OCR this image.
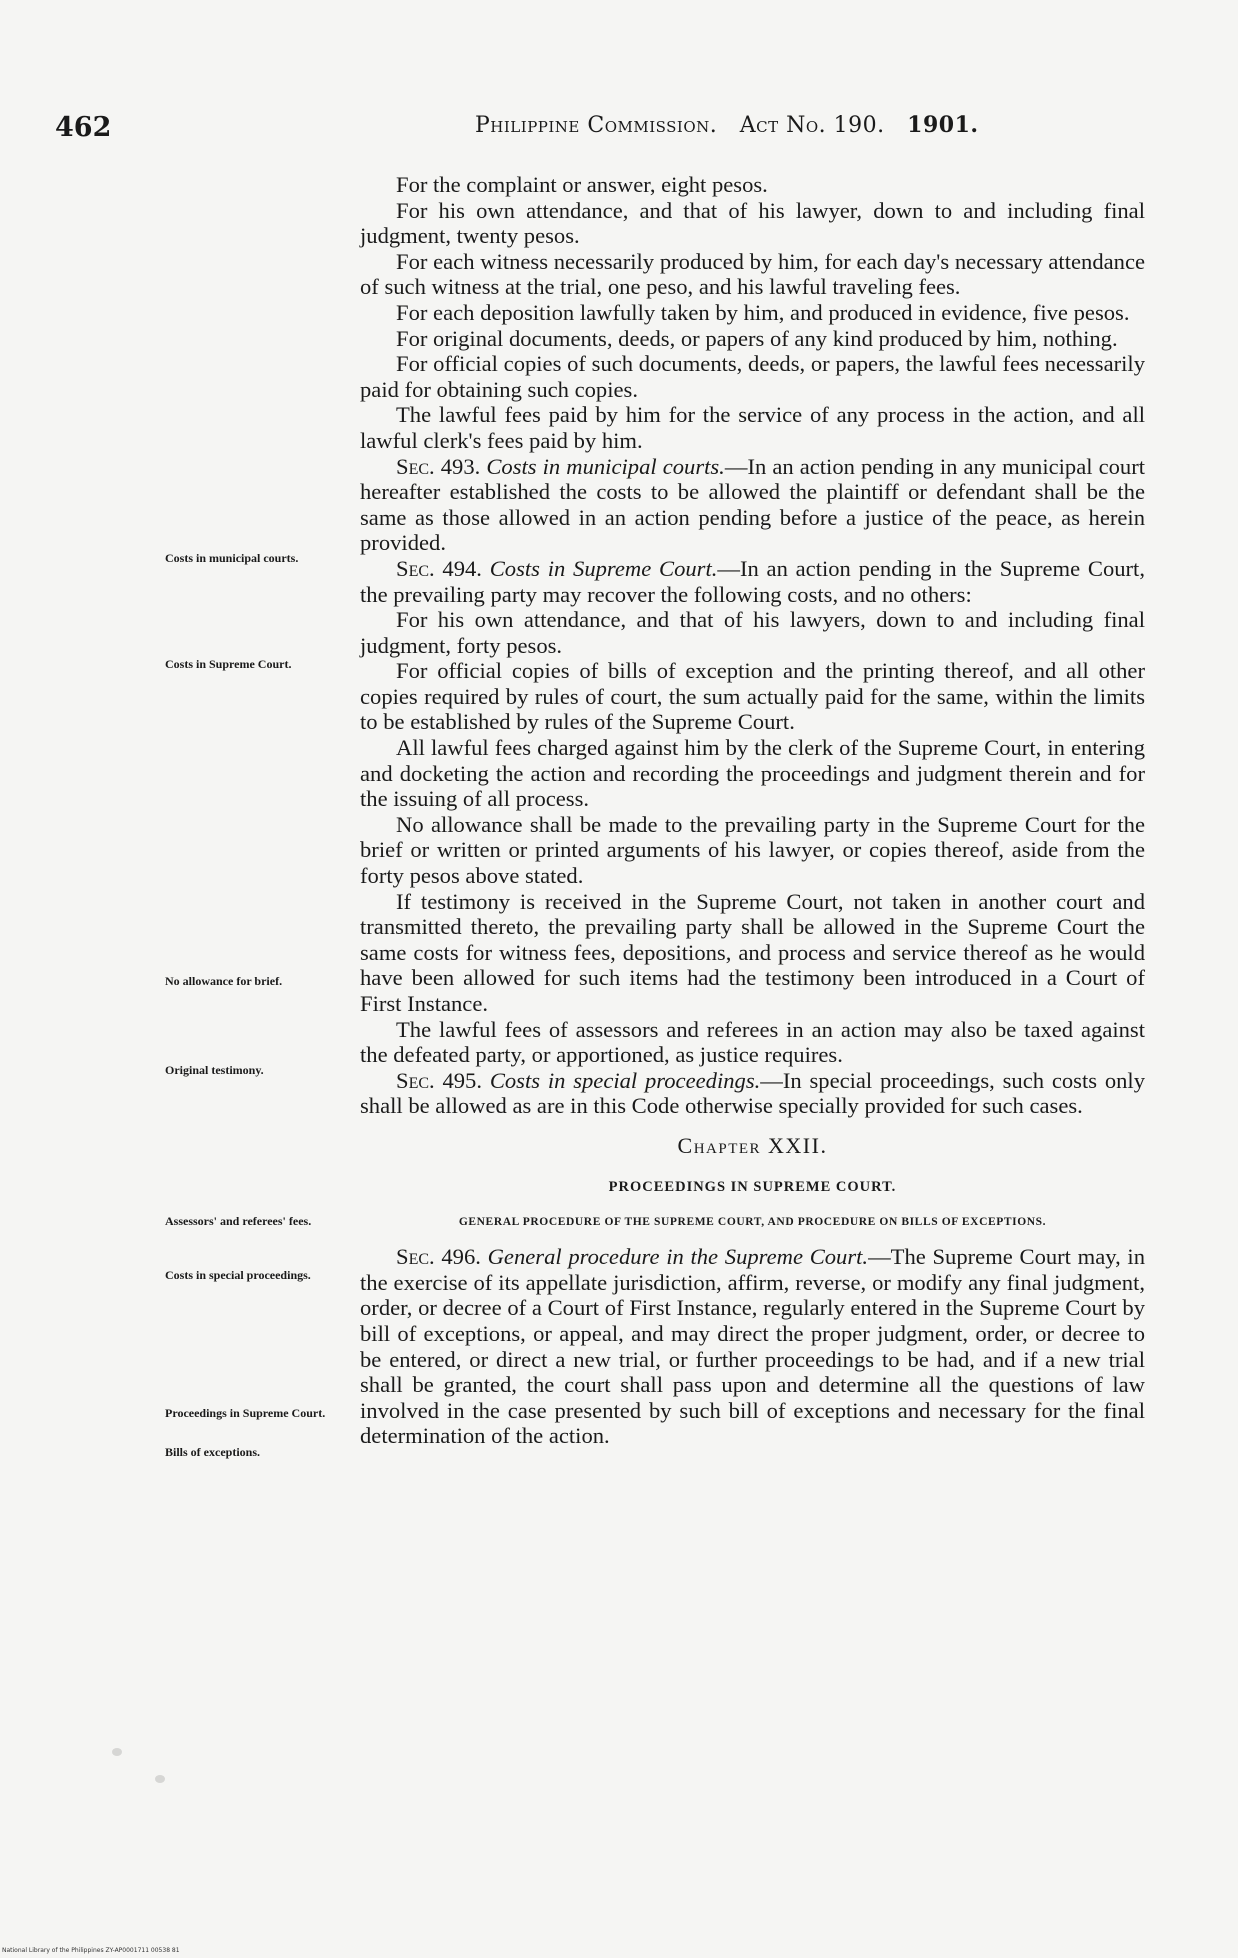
462	Philippine Commission. Act No. 190. 1901.
Costs in municipal courts.
Costs in Supreme Court.
No allowance for brief.
Original testimony.
Assessors' and referees' fees.
Costs in special proceedings.
Proceedings in Supreme Court.
Bills of exceptions.

For the complaint or answer, eight pesos.

For his own attendance, and that of his lawyer, down to and including final judgment, twenty pesos.

For each witness necessarily produced by him, for each day's necessary attendance of such witness at the trial, one peso, and his lawful traveling fees.

For each deposition lawfully taken by him, and produced in evidence, five pesos.

For original documents, deeds, or papers of any kind produced by him, nothing.

For official copies of such documents, deeds, or papers, the lawful fees necessarily paid for obtaining such copies.

The lawful fees paid by him for the service of any process in the action, and all lawful clerk's fees paid by him.

Sec. 493. Costs in municipal courts.—In an action pending in any municipal court hereafter established the costs to be allowed the plaintiff or defendant shall be the same as those allowed in an action pending before a justice of the peace, as herein provided.

Sec. 494. Costs in Supreme Court.—In an action pending in the Supreme Court, the prevailing party may recover the following costs, and no others:

For his own attendance, and that of his lawyers, down to and including final judgment, forty pesos.

For official copies of bills of exception and the printing thereof, and all other copies required by rules of court, the sum actually paid for the same, within the limits to be established by rules of the Supreme Court.

All lawful fees charged against him by the clerk of the Supreme Court, in entering and docketing the action and recording the proceedings and judgment therein and for the issuing of all process.

No allowance shall be made to the prevailing party in the Supreme Court for the brief or written or printed arguments of his lawyer, or copies thereof, aside from the forty pesos above stated.

If testimony is received in the Supreme Court, not taken in another court and transmitted thereto, the prevailing party shall be allowed in the Supreme Court the same costs for witness fees, depositions, and process and service thereof as he would have been allowed for such items had the testimony been introduced in a Court of First Instance.

The lawful fees of assessors and referees in an action may also be taxed against the defeated party, or apportioned, as justice requires.

Sec. 495. Costs in special proceedings.—In special proceedings, such costs only shall be allowed as are in this Code otherwise specially provided for such cases.

Chapter XXII.

PROCEEDINGS IN SUPREME COURT.

GENERAL PROCEDURE OF THE SUPREME COURT, AND PROCEDURE ON BILLS OF EXCEPTIONS.

Sec. 496. General procedure in the Supreme Court.—The Supreme Court may, in the exercise of its appellate jurisdiction, affirm, reverse, or modify any final judgment, order, or decree of a Court of First Instance, regularly entered in the Supreme Court by bill of exceptions, or appeal, and may direct the proper judgment, order, or decree to be entered, or direct a new trial, or further proceedings to be had, and if a new trial shall be granted, the court shall pass upon and determine all the questions of law involved in the case presented by such bill of exceptions and necessary for the final determination of the action.

National Library of the Philippines ZY-AP0001711 00538 81
